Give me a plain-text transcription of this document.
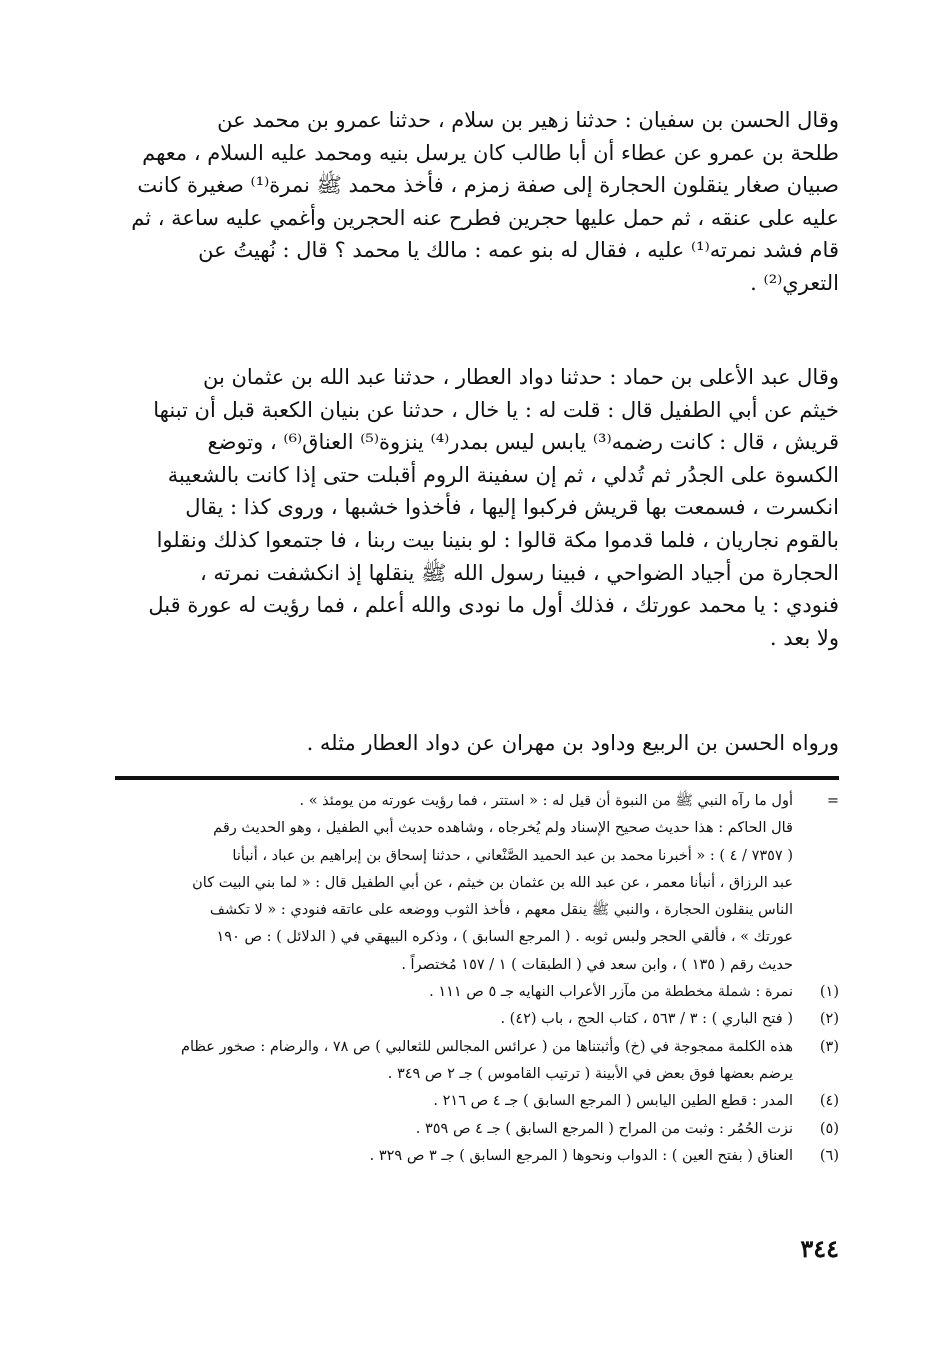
وقال الحسن بن سفيان : حدثنا زهير بن سلام ، حدثنا عمرو بن محمد عن
طلحة بن عمرو عن عطاء أن أبا طالب كان يرسل بنيه ومحمد عليه السلام ، معهم
صبيان صغار ينقلون الحجارة إلى صفة زمزم ، فأخذ محمد ﷺ نمرة⁽¹⁾ صغيرة كانت
عليه على عنقه ، ثم حمل عليها حجرين فطرح عنه الحجرين وأغمي عليه ساعة ، ثم
قام فشد نمرته⁽¹⁾ عليه ، فقال له بنو عمه : مالك يا محمد ؟ قال : نُهيتُ عن
التعري⁽²⁾ .
وقال عبد الأعلى بن حماد : حدثنا دواد العطار ، حدثنا عبد الله بن عثمان بن
خيثم عن أبي الطفيل قال : قلت له : يا خال ، حدثنا عن بنيان الكعبة قبل أن تبنها
قريش ، قال : كانت رضمه⁽³⁾ يابس ليس بمدر⁽⁴⁾ ينزوة⁽⁵⁾ العناق⁽⁶⁾ ، وتوضع
الكسوة على الجدُر ثم تُدلي ، ثم إن سفينة الروم أقبلت حتى إذا كانت بالشعيبة
انكسرت ، فسمعت بها قريش فركبوا إليها ، فأخذوا خشبها ، وروى كذا : يقال
بالقوم نجاريان ، فلما قدموا مكة قالوا : لو بنينا بيت ربنا ، فا جتمعوا كذلك ونقلوا
الحجارة من أجياد الضواحي ، فبينا رسول الله ﷺ ينقلها إذ انكشفت نمرته ،
فنودي : يا محمد عورتك ، فذلك أول ما نودى والله أعلم ، فما رؤيت له عورة قبل
ولا بعد .
ورواه الحسن بن الربيع وداود بن مهران عن دواد العطار مثله .
=
أول ما رآه النبي ﷺ من النبوة أن قيل له : « استتر ، فما رؤيت عورته من يومئذ » .
قال الحاكم : هذا حديث صحيح الإسناد ولم يُخرجاه ، وشاهده حديث أبي الطفيل ، وهو الحديث رقم
( ٧٣٥٧ / ٤ ) : « أخبرنا محمد بن عبد الحميد الصَّنْعاني ، حدثنا إسحاق بن إبراهيم بن عباد ، أنبأنا
عبد الرزاق ، أنبأنا معمر ، عن عبد الله بن عثمان بن خيثم ، عن أبي الطفيل قال : « لما بني البيت كان
الناس ينقلون الحجارة ، والنبي ﷺ ينقل معهم ، فأخذ الثوب ووضعه على عاتقه فنودي : « لا تكشف
عورتك » ، فألقي الحجر ولبس ثوبه . ( المرجع السابق ) ، وذكره البيهقي في ( الدلائل ) : ص ١٩٠
حديث رقم ( ١٣٥ ) ، وابن سعد في ( الطبقات ) ١ / ١٥٧ مُختصراً .
(١)
نمرة : شملة مخططة من مآزر الأعراب النهايه جـ ٥ ص ١١١ .
(٢)
( فتح الباري ) : ٣ / ٥٦٣ ، كتاب الحج ، باب (٤٢) .
(٣)
هذه الكلمة ممجوجة في (خ) وأثبتناها من ( عرائس المجالس للثعالبي ) ص ٧٨ ، والرضام : صخور عظام
يرضم بعضها فوق بعض في الأبينة ( ترتيب القاموس ) جـ ٢ ص ٣٤٩ .
(٤)
المدر : قطع الطين اليابس ( المرجع السابق ) جـ ٤ ص ٢١٦ .
(٥)
نزت الحُمُر : وثبت من المراح ( المرجع السابق ) جـ ٤ ص ٣٥٩ .
(٦)
العناق ( بفتح العين ) : الدواب ونحوها ( المرجع السابق ) جـ ٣ ص ٣٢٩ .
٣٤٤
